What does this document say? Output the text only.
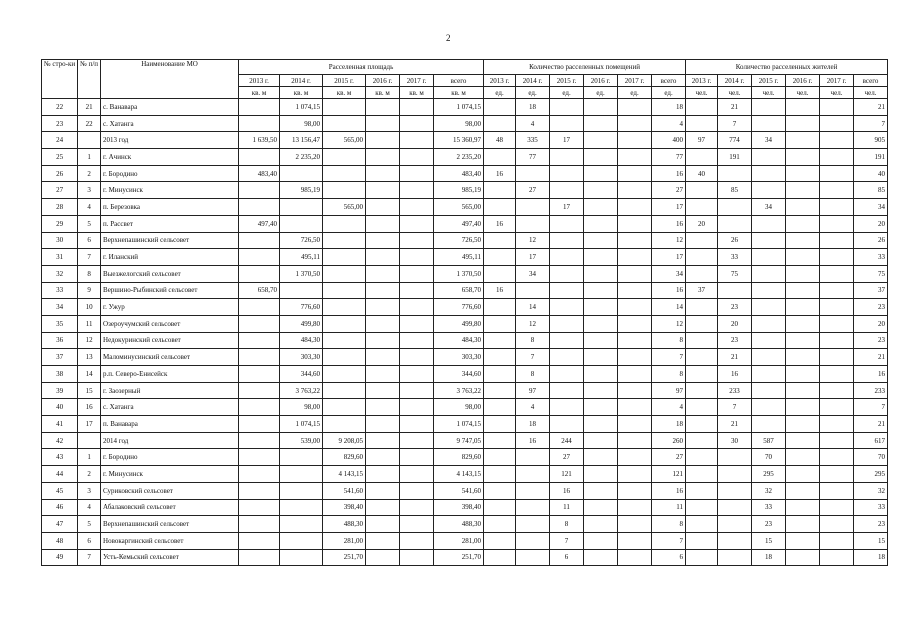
2
№ стро-ки	№ п/п	Наименование МО	Расселенная площадь						Количество расселенных помещений						Количество расселенных жителей					
			2013 г.	2014 г.	2015 г.	2016 г.	2017 г.	всего	2013 г.	2014 г.	2015 г.	2016 г.	2017 г.	всего	2013 г.	2014 г.	2015 г.	2016 г.	2017 г.	всего
			кв. м	кв. м	кв. м	кв. м	кв. м	кв. м	ед.	ед.	ед.	ед.	ед.	ед.	чел.	чел.	чел.	чел.	чел.	чел.
22	21	с. Ванавара		1 074,15				1 074,15		18				18		21				21
23	22	с. Хатанга		98,00				98,00		4				4		7				7
24		2013 год	1 639,50	13 156,47	565,00			15 360,97	48	335	17			400	97	774	34			905
25	1	г. Ачинск		2 235,20				2 235,20		77				77		191				191
26	2	г. Бородино	483,40					483,40	16					16	40					40
27	3	г. Минусинск		985,19				985,19		27				27		85				85
28	4	п. Березовка			565,00			565,00			17			17			34			34
29	5	п. Рассвет	497,40					497,40	16					16	20					20
30	6	Верхнепашинский сельсовет		726,50				726,50		12				12		26				26
31	7	г. Иланский		495,11				495,11		17				17		33				33
32	8	Выезжелогский сельсовет		1 370,50				1 370,50		34				34		75				75
33	9	Вершино-Рыбинский сельсовет	658,70					658,70	16					16	37					37
34	10	г. Ужур		776,60				776,60		14				14		23				23
35	11	Озероучумский сельсовет		499,80				499,80		12				12		20				20
36	12	Недокуринский сельсовет		484,30				484,30		8				8		23				23
37	13	Маломинусинский сельсовет		303,30				303,30		7				7		21				21
38	14	р.п. Северо-Енисейск		344,60				344,60		8				8		16				16
39	15	г. Заозерный		3 763,22				3 763,22		97				97		233				233
40	16	с. Хатанга		98,00				98,00		4				4		7				7
41	17	п. Ванавара		1 074,15				1 074,15		18				18		21				21
42		2014 год		539,00	9 208,05			9 747,05		16	244			260		30	587			617
43	1	г. Бородино			829,60			829,60			27			27			70			70
44	2	г. Минусинск			4 143,15			4 143,15			121			121			295			295
45	3	Суриковский сельсовет			541,60			541,60			16			16			32			32
46	4	Абалаковский сельсовет			398,40			398,40			11			11			33			33
47	5	Верхнепашинский сельсовет			488,30			488,30			8			8			23			23
48	6	Новокаргинский сельсовет			281,00			281,00			7			7			15			15
49	7	Усть-Кемьский сельсовет			251,70			251,70			6			6			18			18
